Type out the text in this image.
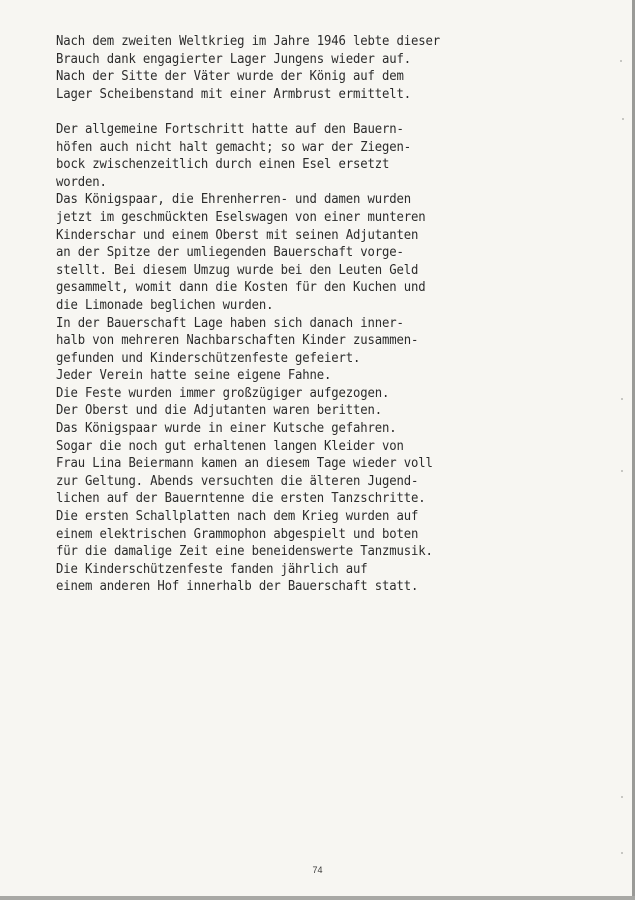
Nach dem zweiten Weltkrieg im Jahre 1946 lebte dieser
Brauch dank engagierter Lager Jungens wieder auf.
Nach der Sitte der Väter wurde der König auf dem
Lager Scheibenstand mit einer Armbrust ermittelt.
Der allgemeine Fortschritt hatte auf den Bauern-
höfen auch nicht halt gemacht; so war der Ziegen-
bock zwischenzeitlich durch einen Esel ersetzt
worden.
Das Königspaar, die Ehrenherren- und damen wurden
jetzt im geschmückten Eselswagen von einer munteren
Kinderschar und einem Oberst mit seinen Adjutanten
an der Spitze der umliegenden Bauerschaft vorge-
stellt. Bei diesem Umzug wurde bei den Leuten Geld
gesammelt, womit dann die Kosten für den Kuchen und
die Limonade beglichen wurden.
In der Bauerschaft Lage haben sich danach inner-
halb von mehreren Nachbarschaften Kinder zusammen-
gefunden und Kinderschützenfeste gefeiert.
Jeder Verein hatte seine eigene Fahne.
Die Feste wurden immer großzügiger aufgezogen.
Der Oberst und die Adjutanten waren beritten.
Das Königspaar wurde in einer Kutsche gefahren.
Sogar die noch gut erhaltenen langen Kleider von
Frau Lina Beiermann kamen an diesem Tage wieder voll
zur Geltung. Abends versuchten die älteren Jugend-
lichen auf der Bauerntenne die ersten Tanzschritte.
Die ersten Schallplatten nach dem Krieg wurden auf
einem elektrischen Grammophon abgespielt und boten
für die damalige Zeit eine beneidenswerte Tanzmusik.
Die Kinderschützenfeste fanden jährlich auf
einem anderen Hof innerhalb der Bauerschaft statt.
74
